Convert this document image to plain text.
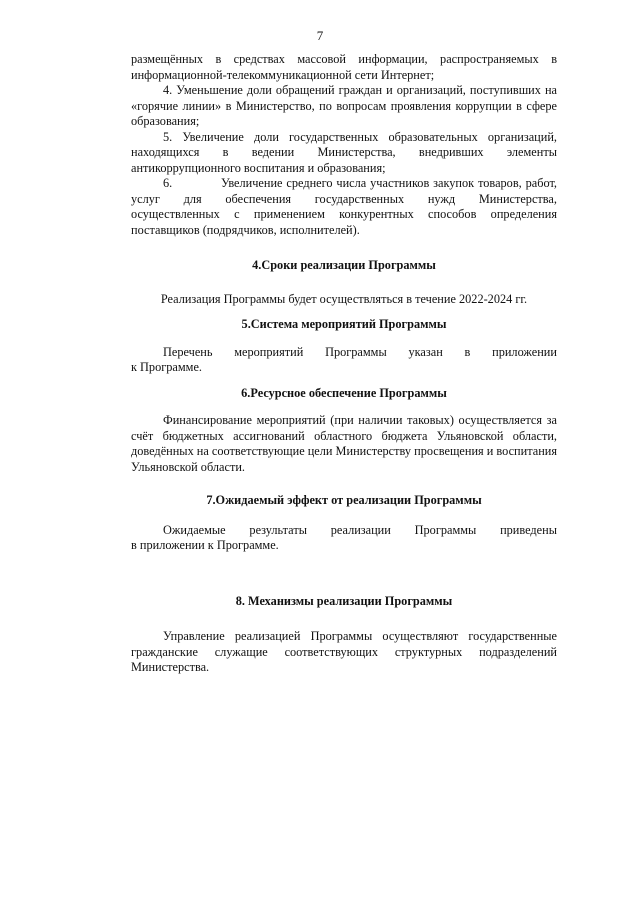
7

размещённых в средствах массовой информации, распространяемых в

информационной-телекоммуникационной сети Интернет;

4. Уменьшение доли обращений граждан и организаций, поступивших на «горячие линии» в Министерство, по вопросам проявления коррупции в сфере образования;

5. Увеличение доли государственных образовательных организаций,

находящихся в ведении Министерства, внедривших элементы

антикоррупционного воспитания и образования;

6.	Увеличение среднего числа участников закупок товаров, работ,
услуг для обеспечения государственных нужд Министерства,

осуществленных с применением конкурентных способов определения

поставщиков (подрядчиков, исполнителей).

4.Сроки реализации Программы

Реализация Программы будет осуществляться в течение 2022-2024 гг.

5.Система мероприятий Программы

Перечень мероприятий Программы указан в приложении

к Программе.

6.Ресурсное обеспечение Программы

Финансирование мероприятий (при наличии таковых) осуществляется за счёт бюджетных ассигнований областного бюджета Ульяновской области, доведённых на соответствующие цели Министерству просвещения и воспитания Ульяновской области.

7.Ожидаемый эффект от реализации Программы

Ожидаемые результаты реализации Программы приведены

в приложении к Программе.

8. Механизмы реализации Программы

Управление реализацией Программы осуществляют государственные гражданские служащие соответствующих структурных подразделений Министерства.
